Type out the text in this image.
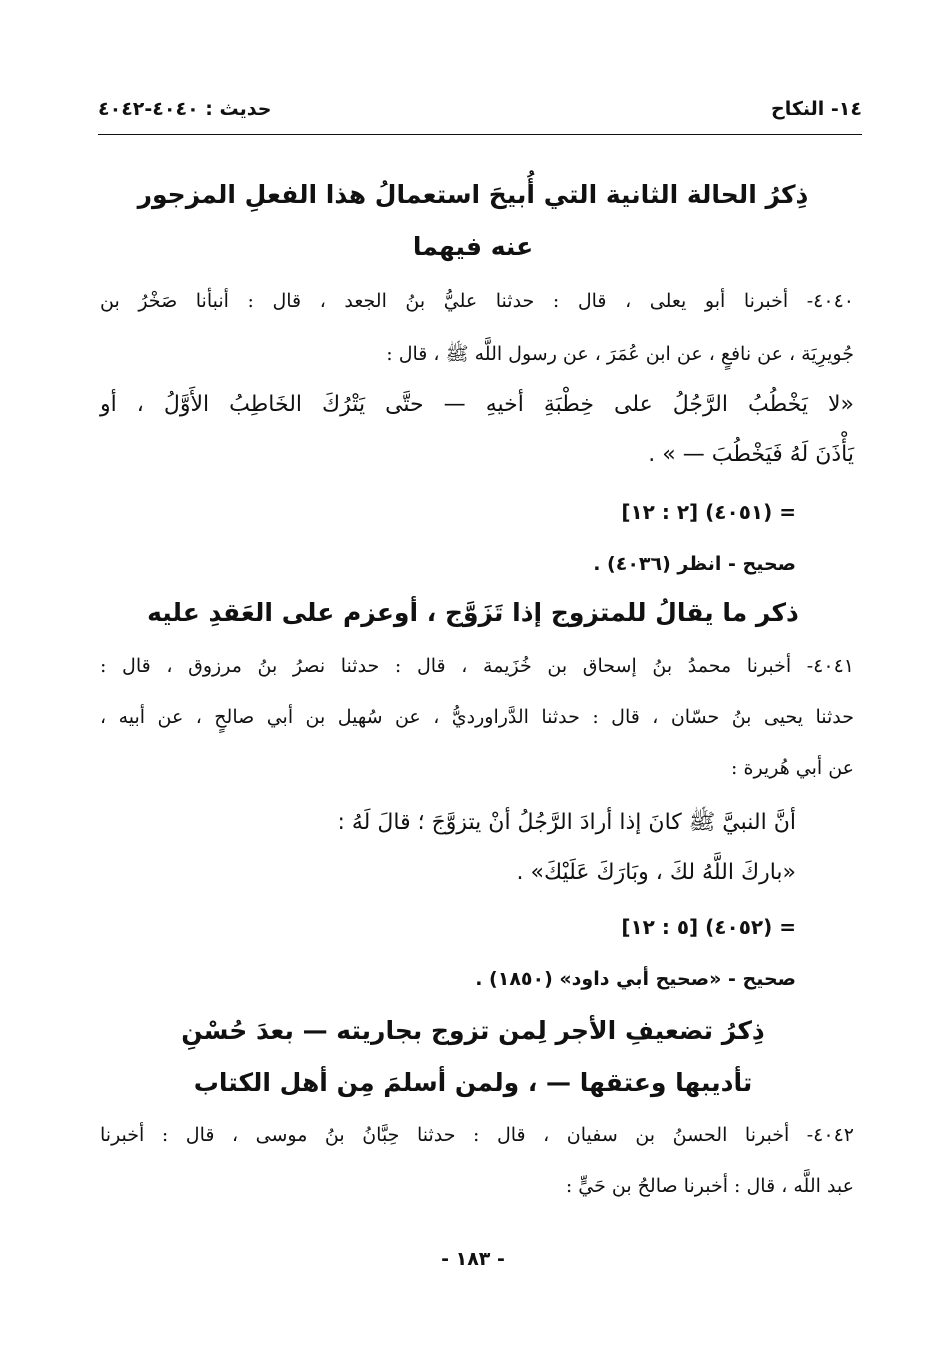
١٤- النكاح
حديث : ٤٠٤٠-٤٠٤٢
ذِكرُ الحالة الثانية التي أُبيحَ استعمالُ هذا الفعلِ المزجور
عنه فيهما
٤٠٤٠- أخبرنا أبو يعلى ، قال : حدثنا عليُّ بنُ الجعد ، قال : أنبأنا صَخْرُ بن
جُويرِيَة ، عن نافعٍ ، عن ابن عُمَرَ ، عن رسول اللَّه ﷺ ، قال :
«لا يَخْطُبُ الرَّجُلُ على خِطْبَةِ أخيهِ — حتَّى يَتْرُكَ الخَاطِبُ الأَوَّلُ ، أو
يَأْذَنَ لَهُ فَيَخْطُبَ — » .
= (٤٠٥١) [٢ : ١٢]
صحيح - انظر (٤٠٣٦) .
ذكر ما يقالُ للمتزوج إذا تَزَوَّج ، أوعزم على العَقدِ عليه
٤٠٤١- أخبرنا محمدُ بنُ إسحاق بن خُزَيمة ، قال : حدثنا نصرُ بنُ مرزوق ، قال :
حدثنا يحيى بنُ حسّان ، قال : حدثنا الدَّراورديُّ ، عن سُهيل بن أبي صالحٍ ، عن أبيه ،
عن أبي هُريرة :
أنَّ النبيَّ ﷺ كانَ إذا أرادَ الرَّجُلُ أنْ يتزوَّجَ ؛ قالَ لَهُ :
«باركَ اللَّهُ لكَ ، وبَارَكَ عَلَيْكَ» .
= (٤٠٥٢) [٥ : ١٢]
صحيح - «صحيح أبي داود» (١٨٥٠) .
ذِكرُ تضعيفِ الأجر لِمن تزوج بجاريته — بعدَ حُسْنِ
تأديبها وعتقها — ، ولمن أسلمَ مِن أهل الكتاب
٤٠٤٢- أخبرنا الحسنُ بن سفيان ، قال : حدثنا حِبَّانُ بنُ موسى ، قال : أخبرنا
عبد اللَّه ، قال : أخبرنا صالحُ بن حَيٍّ :
- ١٨٣ -
